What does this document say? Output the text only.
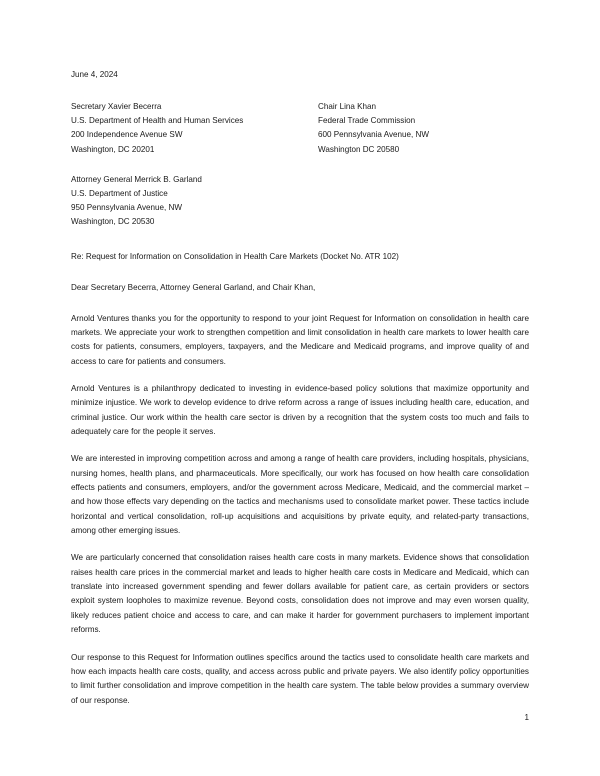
June 4, 2024
Secretary Xavier Becerra
U.S. Department of Health and Human Services
200 Independence Avenue SW
Washington, DC 20201
Chair Lina Khan
Federal Trade Commission
600 Pennsylvania Avenue, NW
Washington DC 20580
Attorney General Merrick B. Garland
U.S. Department of Justice
950 Pennsylvania Avenue, NW
Washington, DC 20530
Re: Request for Information on Consolidation in Health Care Markets (Docket No. ATR 102)
Dear Secretary Becerra, Attorney General Garland, and Chair Khan,

Arnold Ventures thanks you for the opportunity to respond to your joint Request for Information on consolidation in health care markets. We appreciate your work to strengthen competition and limit consolidation in health care markets to lower health care costs for patients, consumers, employers, taxpayers, and the Medicare and Medicaid programs, and improve quality of and access to care for patients and consumers.

Arnold Ventures is a philanthropy dedicated to investing in evidence-based policy solutions that maximize opportunity and minimize injustice. We work to develop evidence to drive reform across a range of issues including health care, education, and criminal justice. Our work within the health care sector is driven by a recognition that the system costs too much and fails to adequately care for the people it serves.

We are interested in improving competition across and among a range of health care providers, including hospitals, physicians, nursing homes, health plans, and pharmaceuticals. More specifically, our work has focused on how health care consolidation effects patients and consumers, employers, and/or the government across Medicare, Medicaid, and the commercial market – and how those effects vary depending on the tactics and mechanisms used to consolidate market power. These tactics include horizontal and vertical consolidation, roll-up acquisitions and acquisitions by private equity, and related-party transactions, among other emerging issues.

We are particularly concerned that consolidation raises health care costs in many markets. Evidence shows that consolidation raises health care prices in the commercial market and leads to higher health care costs in Medicare and Medicaid, which can translate into increased government spending and fewer dollars available for patient care, as certain providers or sectors exploit system loopholes to maximize revenue. Beyond costs, consolidation does not improve and may even worsen quality, likely reduces patient choice and access to care, and can make it harder for government purchasers to implement important reforms.

Our response to this Request for Information outlines specifics around the tactics used to consolidate health care markets and how each impacts health care costs, quality, and access across public and private payers. We also identify policy opportunities to limit further consolidation and improve competition in the health care system. The table below provides a summary overview of our response.

1
